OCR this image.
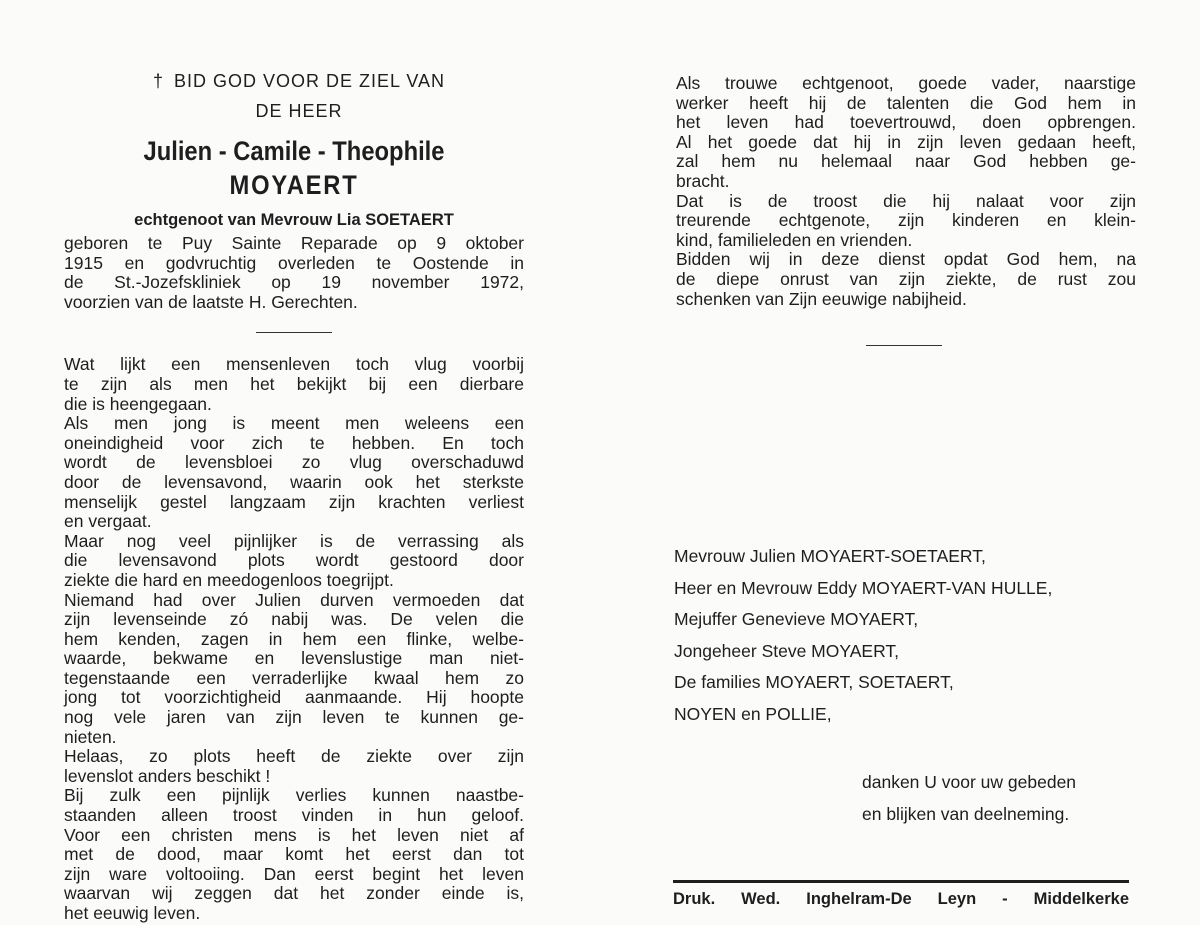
† BID GOD VOOR DE ZIEL VAN
DE HEER
Julien - Camile - Theophile
MOYAERT
echtgenoot van Mevrouw Lia SOETAERT
geboren te Puy Sainte Reparade op 9 oktober
1915 en godvruchtig overleden te Oostende in
de St.-Jozefskliniek op 19 november 1972,
voorzien van de laatste H. Gerechten.
Wat lijkt een mensenleven toch vlug voorbij
te zijn als men het bekijkt bij een dierbare
die is heengegaan.
Als men jong is meent men weleens een
oneindigheid voor zich te hebben. En toch
wordt de levensbloei zo vlug overschaduwd
door de levensavond, waarin ook het sterkste
menselijk gestel langzaam zijn krachten verliest
en vergaat.
Maar nog veel pijnlijker is de verrassing als
die levensavond plots wordt gestoord door
ziekte die hard en meedogenloos toegrijpt.
Niemand had over Julien durven vermoeden dat
zijn levenseinde zó nabij was. De velen die
hem kenden, zagen in hem een flinke, welbe-
waarde, bekwame en levenslustige man niet-
tegenstaande een verraderlijke kwaal hem zo
jong tot voorzichtigheid aanmaande. Hij hoopte
nog vele jaren van zijn leven te kunnen ge-
nieten.
Helaas, zo plots heeft de ziekte over zijn
levenslot anders beschikt !
Bij zulk een pijnlijk verlies kunnen naastbe-
staanden alleen troost vinden in hun geloof.
Voor een christen mens is het leven niet af
met de dood, maar komt het eerst dan tot
zijn ware voltooiing. Dan eerst begint het leven
waarvan wij zeggen dat het zonder einde is,
het eeuwig leven.
Als trouwe echtgenoot, goede vader, naarstige
werker heeft hij de talenten die God hem in
het leven had toevertrouwd, doen opbrengen.
Al het goede dat hij in zijn leven gedaan heeft,
zal hem nu helemaal naar God hebben ge-
bracht.
Dat is de troost die hij nalaat voor zijn
treurende echtgenote, zijn kinderen en klein-
kind, familieleden en vrienden.
Bidden wij in deze dienst opdat God hem, na
de diepe onrust van zijn ziekte, de rust zou
schenken van Zijn eeuwige nabijheid.
Mevrouw Julien MOYAERT-SOETAERT,
Heer en Mevrouw Eddy MOYAERT-VAN HULLE,
Mejuffer Genevieve MOYAERT,
Jongeheer Steve MOYAERT,
De families MOYAERT, SOETAERT,
NOYEN en POLLIE,
danken U voor uw gebeden
en blijken van deelneming.
Druk. Wed. Inghelram-De Leyn - Middelkerke
